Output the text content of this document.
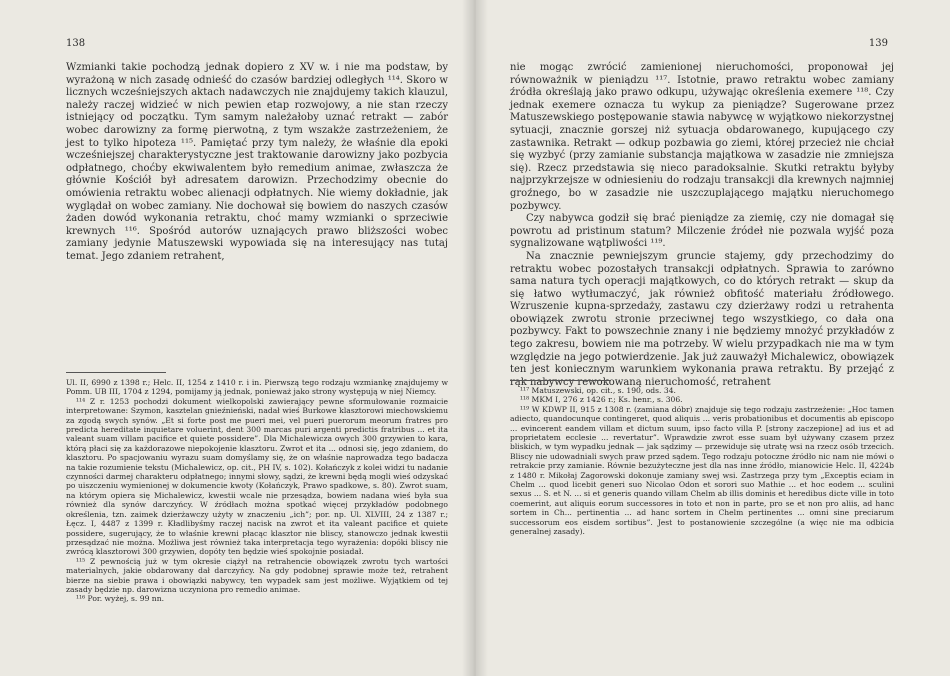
138

Wzmianki takie pochodzą jednak dopiero z XV w. i nie ma podstaw, by wyrażoną w nich zasadę odnieść do czasów bardziej odległych ¹¹⁴. Skoro w licznych wcześniejszych aktach nadawczych nie znajdujemy takich klauzul, należy raczej widzieć w nich pewien etap rozwojowy, a nie stan rzeczy istniejący od początku. Tym samym należałoby uznać retrakt — zabór wobec darowizny za formę pierwotną, z tym wszakże zastrzeżeniem, że jest to tylko hipoteza ¹¹⁵. Pamiętać przy tym należy, że właśnie dla epoki wcześniejszej charakterystyczne jest traktowanie darowizny jako pozbycia odpłatnego, choćby ekwiwalentem było remedium animae, zwłaszcza że głównie Kościół był adresatem darowizn. Przechodzimy obecnie do omówienia retraktu wobec alienacji odpłatnych. Nie wiemy dokładnie, jak wyglądał on wobec zamiany. Nie dochował się bowiem do naszych czasów żaden dowód wykonania retraktu, choć mamy wzmianki o sprzeciwie krewnych ¹¹⁶. Spośród autorów uznających prawo bliższości wobec zamiany jedynie Matuszewski wypowiada się na interesujący nas tutaj temat. Jego zdaniem retrahent,

Ul. II, 6990 z 1398 r.; Helc. II, 1254 z 1410 r. i in. Pierwszą tego rodzaju wzmiankę znajdujemy w Pomm. UB III, 1704 z 1294, pomijamy ją jednak, ponieważ jako strony występują w niej Niemcy.

¹¹⁴ Z r. 1253 pochodzi dokument wielkopolski zawierający pewne sformułowanie rozmaicie interpretowane: Szymon, kasztelan gnieźnieński, nadał wieś Burkowe klasztorowi miechowskiemu za zgodą swych synów. „Et si forte post me pueri mei, vel pueri puerorum meorum fratres pro predicta hereditate inquietare voluerint, dent 300 marcas puri argenti predictis fratribus ... et ita valeant suam villam pacifice et quiete possidere”. Dla Michalewicza owych 300 grzywien to kara, którą płaci się za każdorazowe niepokojenie klasztoru. Zwrot et ita ... odnosi się, jego zdaniem, do klasztoru. Po spacjowaniu wyrazu suam domyślamy się, że on właśnie naprowadza tego badacza na takie rozumienie tekstu (Michalewicz, op. cit., PH IV, s. 102). Kołańczyk z kolei widzi tu nadanie czynności darmej charakteru odpłatnego; innymi słowy, sądzi, że krewni będą mogli wieś odzyskać po uiszczeniu wymienionej w dokumencie kwoty (Kołańczyk, Prawo spadkowe, s. 80). Zwrot suam, na którym opiera się Michalewicz, kwestii wcale nie przesądza, bowiem nadana wieś była sua również dla synów darczyńcy. W źródłach można spotkać więcej przykładów podobnego określenia, tzn. zaimek dzierżawczy użyty w znaczeniu „ich”; por. np. Ul. XLVIII, 24 z 1387 r.; Łęcz. I, 4487 z 1399 r. Kładlibyśmy raczej nacisk na zwrot et ita valeant pacifice et quiete possidere, sugerujący, że to właśnie krewni płacąc klasztor nie bliscy, stanowczo jednak kwestii przesądzać nie można. Możliwa jest również taka interpretacja tego wyrażenia: dopóki bliscy nie zwrócą klasztorowi 300 grzywien, dopóty ten będzie wieś spokojnie posiadał.

¹¹⁵ Z pewnością już w tym okresie ciążył na retrahencie obowiązek zwrotu tych wartości materialnych, jakie obdarowany dał darczyńcy. Na gdy podobnej sprawie może też, retrahent bierze na siebie prawa i obowiązki nabywcy, ten wypadek sam jest możliwe. Wyjątkiem od tej zasady będzie np. darowizna uczyniona pro remedio animae.

¹¹⁶ Por. wyżej, s. 99 nn.

139

nie mogąc zwrócić zamienionej nieruchomości, proponował jej równoważnik w pieniądzu ¹¹⁷. Istotnie, prawo retraktu wobec zamiany źródła określają jako prawo odkupu, używając określenia exemere ¹¹⁸. Czy jednak exemere oznacza tu wykup za pieniądze? Sugerowane przez Matuszewskiego postępowanie stawia nabywcę w wyjątkowo niekorzystnej sytuacji, znacznie gorszej niż sytuacja obdarowanego, kupującego czy zastawnika. Retrakt — odkup pozbawia go ziemi, której przecież nie chciał się wyzbyć (przy zamianie substancja majątkowa w zasadzie nie zmniejsza się). Rzecz przedstawia się nieco paradoksalnie. Skutki retraktu byłyby najprzykrzejsze w odniesieniu do rodzaju transakcji dla krewnych najmniej groźnego, bo w zasadzie nie uszczuplającego majątku nieruchomego pozbywcy.

Czy nabywca godził się brać pieniądze za ziemię, czy nie domagał się powrotu ad pristinum statum? Milczenie źródeł nie pozwala wyjść poza sygnalizowane wątpliwości ¹¹⁹.

Na znacznie pewniejszym gruncie stajemy, gdy przechodzimy do retraktu wobec pozostałych transakcji odpłatnych. Sprawia to zarówno sama natura tych operacji majątkowych, co do których retrakt — skup da się łatwo wytłumaczyć, jak również obfitość materiału źródłowego. Wzruszenie kupna-sprzedaży, zastawu czy dzierżawy rodzi u retrahenta obowiązek zwrotu stronie przeciwnej tego wszystkiego, co dała ona pozbywcy. Fakt to powszechnie znany i nie będziemy mnożyć przykładów z tego zakresu, bowiem nie ma potrzeby. W wielu przypadkach nie ma w tym względzie na jego potwierdzenie. Jak już zauważył Michalewicz, obowiązek ten jest koniecznym warunkiem wykonania prawa retraktu. By przejąć z rąk nabywcy rewokowaną nieruchomość, retrahent

¹¹⁷ Matuszewski, op. cit., s. 190, ods. 34.

¹¹⁸ MKM I, 276 z 1426 r.; Ks. henr., s. 306.

¹¹⁹ W KDWP II, 915 z 1308 r. (zamiana dóbr) znajduje się tego rodzaju zastrzeżenie: „Hoc tamen adiecto, quandocunque contingeret, quod aliquis ... veris probationibus et documentis ab episcopo ... evincerent eandem villam et dictum suum, ipso facto villa P. [strony zaczepione] ad ius et ad proprietatem ecclesie ... revertatur”. Wprawdzie zwrot esse suam był używany czasem przez bliskich, w tym wypadku jednak — jak sądzimy — przewiduje się utratę wsi na rzecz osób trzecich. Bliscy nie udowadniali swych praw przed sądem. Tego rodzaju potoczne źródło nic nam nie mówi o retrakcie przy zamianie. Równie bezużyteczne jest dla nas inne źródło, mianowicie Helc. II, 4224b z 1480 r. Mikołaj Zagorowski dokonuje zamiany swej wsi. Zastrzega przy tym „Exceptis eciam in Chelm ... quod licebit generi suo Nicolao Odon et sorori suo Mathie ... et hoc eodem ... sculini sexus ... S. et N. ... si et generis quando villam Chelm ab illis dominis et heredibus dicte ville in toto coemerint, aut aliquis eorum successores in toto et non in parte, pro se et non pro aliis, ad hanc sortem in Ch... pertinentia ... ad hanc sortem in Chelm pertinentes ... omni sine preciarum successorum eos eisdem sortibus”. Jest to postanowienie szczególne (a więc nie ma odbicia generalnej zasady).
